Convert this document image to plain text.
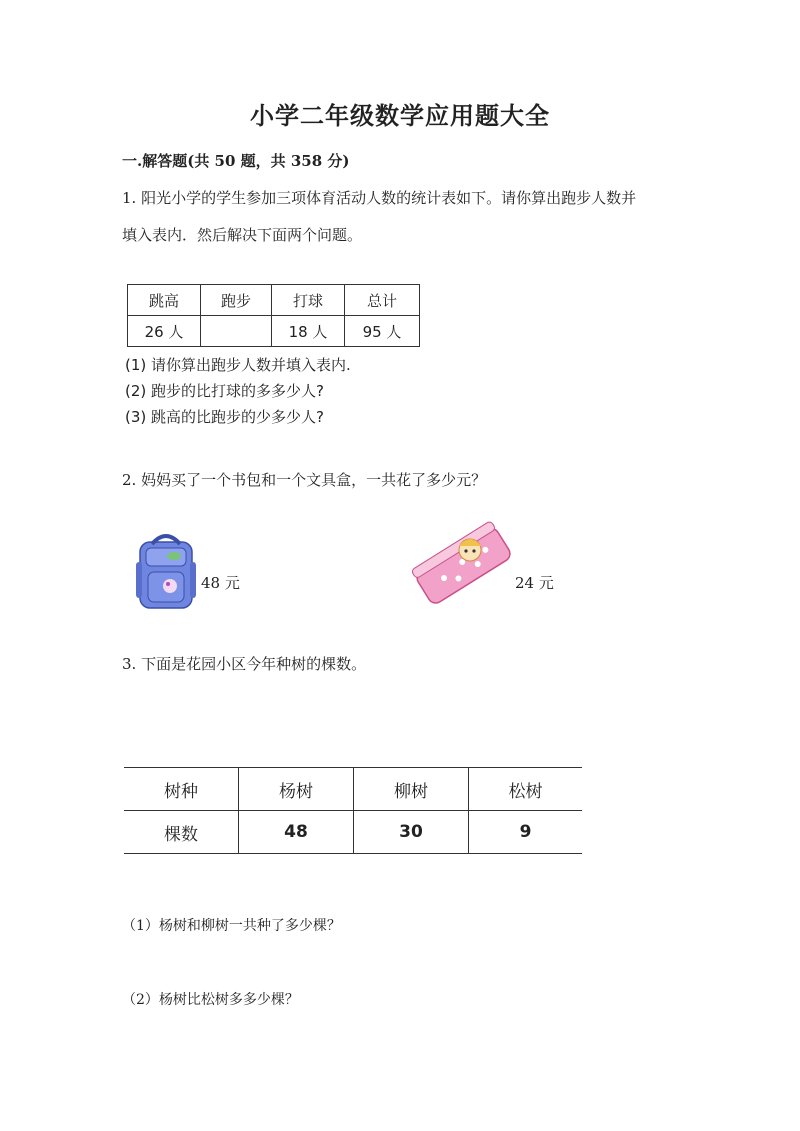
小学二年级数学应用题大全
一.解答题(共 50 题，共 358 分)
1. 阳光小学的学生参加三项体育活动人数的统计表如下。请你算出跑步人数并
填入表内．然后解决下面两个问题。
跳高	跑步	打球	总计
26 人		18 人	95 人
(1) 请你算出跑步人数并填入表内.
(2) 跑步的比打球的多多少人?
(3) 跳高的比跑步的少多少人?
2. 妈妈买了一个书包和一个文具盒，一共花了多少元？
48 元	24 元
3. 下面是花园小区今年种树的棵数。
树种	杨树	柳树	松树
棵数	48	30	9
（1）杨树和柳树一共种了多少棵？
（2）杨树比松树多多少棵？
